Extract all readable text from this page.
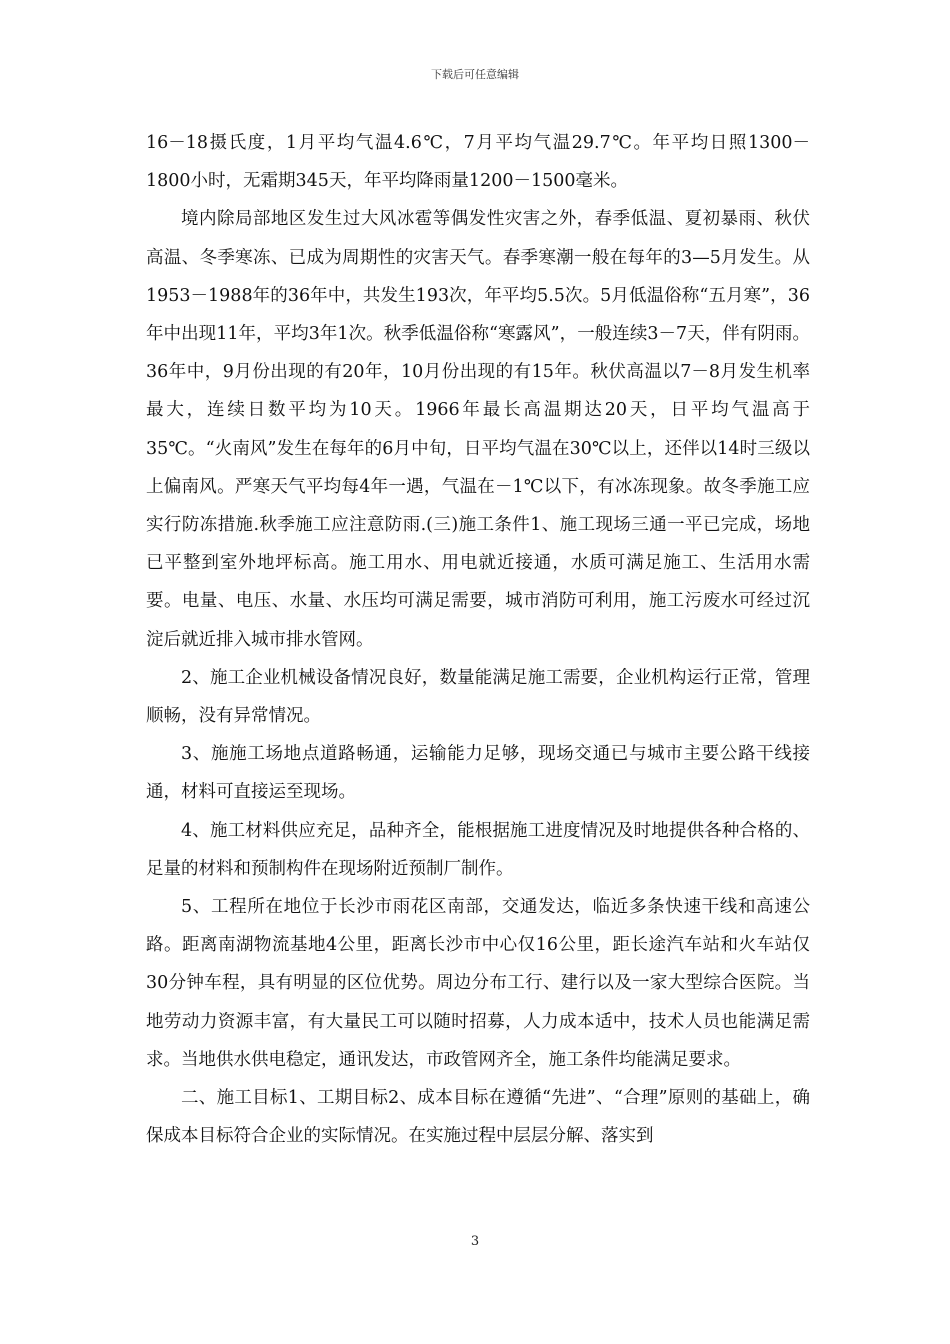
下载后可任意编辑

16－18摄氏度，1月平均气温4.6℃，7月平均气温29.7℃。年平均日照1300－1800小时，无霜期345天，年平均降雨量1200－1500毫米。

境内除局部地区发生过大风冰雹等偶发性灾害之外，春季低温、夏初暴雨、秋伏高温、冬季寒冻、已成为周期性的灾害天气。春季寒潮一般在每年的3—5月发生。从1953－1988年的36年中，共发生193次，年平均5.5次。5月低温俗称“五月寒”，36年中出现11年，平均3年1次。秋季低温俗称“寒露风”，一般连续3－7天，伴有阴雨。36年中，9月份出现的有20年，10月份出现的有15年。秋伏高温以7－8月发生机率最大，连续日数平均为10天。1966年最长高温期达20天，日平均气温高于35℃。“火南风”发生在每年的6月中旬，日平均气温在30℃以上，还伴以14时三级以上偏南风。严寒天气平均每4年一遇，气温在－1℃以下，有冰冻现象。故冬季施工应实行防冻措施.秋季施工应注意防雨.(三)施工条件1、施工现场三通一平已完成，场地已平整到室外地坪标高。施工用水、用电就近接通，水质可满足施工、生活用水需要。电量、电压、水量、水压均可满足需要，城市消防可利用，施工污废水可经过沉淀后就近排入城市排水管网。

2、施工企业机械设备情况良好，数量能满足施工需要，企业机构运行正常，管理顺畅，没有异常情况。

3、施施工场地点道路畅通，运输能力足够，现场交通已与城市主要公路干线接通，材料可直接运至现场。

4、施工材料供应充足，品种齐全，能根据施工进度情况及时地提供各种合格的、足量的材料和预制构件在现场附近预制厂制作。

5、工程所在地位于长沙市雨花区南部，交通发达，临近多条快速干线和高速公路。距离南湖物流基地4公里，距离长沙市中心仅16公里，距长途汽车站和火车站仅30分钟车程，具有明显的区位优势。周边分布工行、建行以及一家大型综合医院。当地劳动力资源丰富，有大量民工可以随时招募，人力成本适中，技术人员也能满足需求。当地供水供电稳定，通讯发达，市政管网齐全，施工条件均能满足要求。

二、施工目标1、工期目标2、成本目标在遵循“先进”、“合理”原则的基础上，确保成本目标符合企业的实际情况。在实施过程中层层分解、落实到

3
